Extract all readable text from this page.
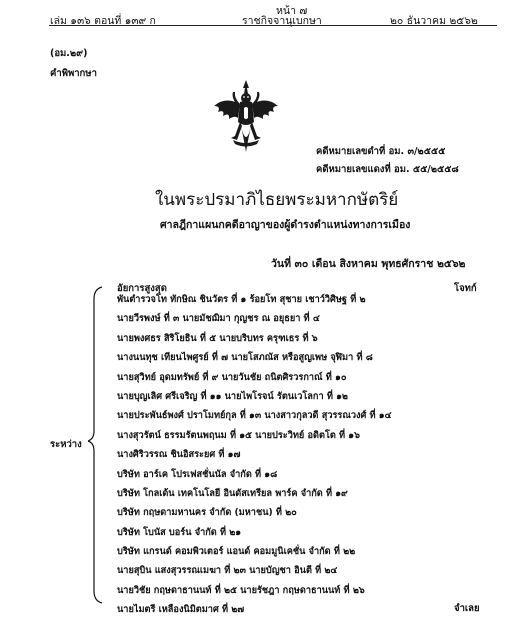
หน้า ๗
เล่ม ๑๓๖ ตอนที่ ๑๓๙ ก	ราชกิจจานุเบกษา	๒๐ ธันวาคม ๒๕๖๒
(อม.๒๙)
คำพิพากษา
คดีหมายเลขดำที่ อม. ๓/๒๕๕๕
คดีหมายเลขแดงที่ อม. ๕๕/๒๕๕๘
ในพระปรมาภิไธยพระมหากษัตริย์
ศาลฎีกาแผนกคดีอาญาของผู้ดำรงตำแหน่งทางการเมือง
วันที่ ๓๐ เดือน สิงหาคม พุทธศักราช ๒๕๖๒
อัยการสูงสุด	โจทก์
ระหว่าง
พันตำรวจโท ทักษิณ ชินวัตร ที่ ๑ ร้อยโท สุชาย เชาว์วิศิษฐ ที่ ๒
นายวีรพงษ์ ที่ ๓ นายมัชฌิมา กุญชร ณ อยุธยา ที่ ๔
นายพงศธร สิริโยธิน ที่ ๕ นายบริบทร ครุฑเธร ที่ ๖
นางนนทุช เทียนไพศูรย์ ที่ ๗ นายโสภณัส หรือสูญเพษ จุฬิมา ที่ ๘
นายสุวิทย์ อุดมทรัพย์ ที่ ๙ นายวันชัย ถนิตศิรวรกาณ์ ที่ ๑๐
นายบุญเลิศ ศรีเจริญ ที่ ๑๑ นายไพโรจน์ รัตนเวโลกา ที่ ๑๒
นายประพันธ์พงศ์ ปราโมทย์กุล ที่ ๑๓ นางสาวกุลวดี สุวรรณวงศ์ ที่ ๑๔
นางสุวรัตน์ ธรรมรัตนพฤนม ที่ ๑๕ นายประวิทย์ อดิตโต ที่ ๑๖
นางศิริวรรณ ชินอิสระยศ ที่ ๑๗
บริษัท อาร์เค โปรเฟสชั่นนัล จำกัด ที่ ๑๘
บริษัท โกลเด้น เทคโนโลยี อินดัสเทรียล พาร์ค จำกัด ที่ ๑๙
บริษัท กฤษดามหานคร จำกัด (มหาชน) ที่ ๒๐
บริษัท โบนัส บอร์น จำกัด ที่ ๒๑
บริษัท แกรนด์ คอมพิวเตอร์ แอนด์ คอมมูนิเคชั่น จำกัด ที่ ๒๒
นายสุบิน แสงสุวรรณเมฆา ที่ ๒๓ นายบัญชา อินตี ที่ ๒๔
นายวิชัย กฤษดาธานนท์ ที่ ๒๕ นายรัชฎา กฤษดาธานนท์ ที่ ๒๖
นายไมตรี เหลืองนิมิตมาศ ที่ ๒๗	จำเลย
